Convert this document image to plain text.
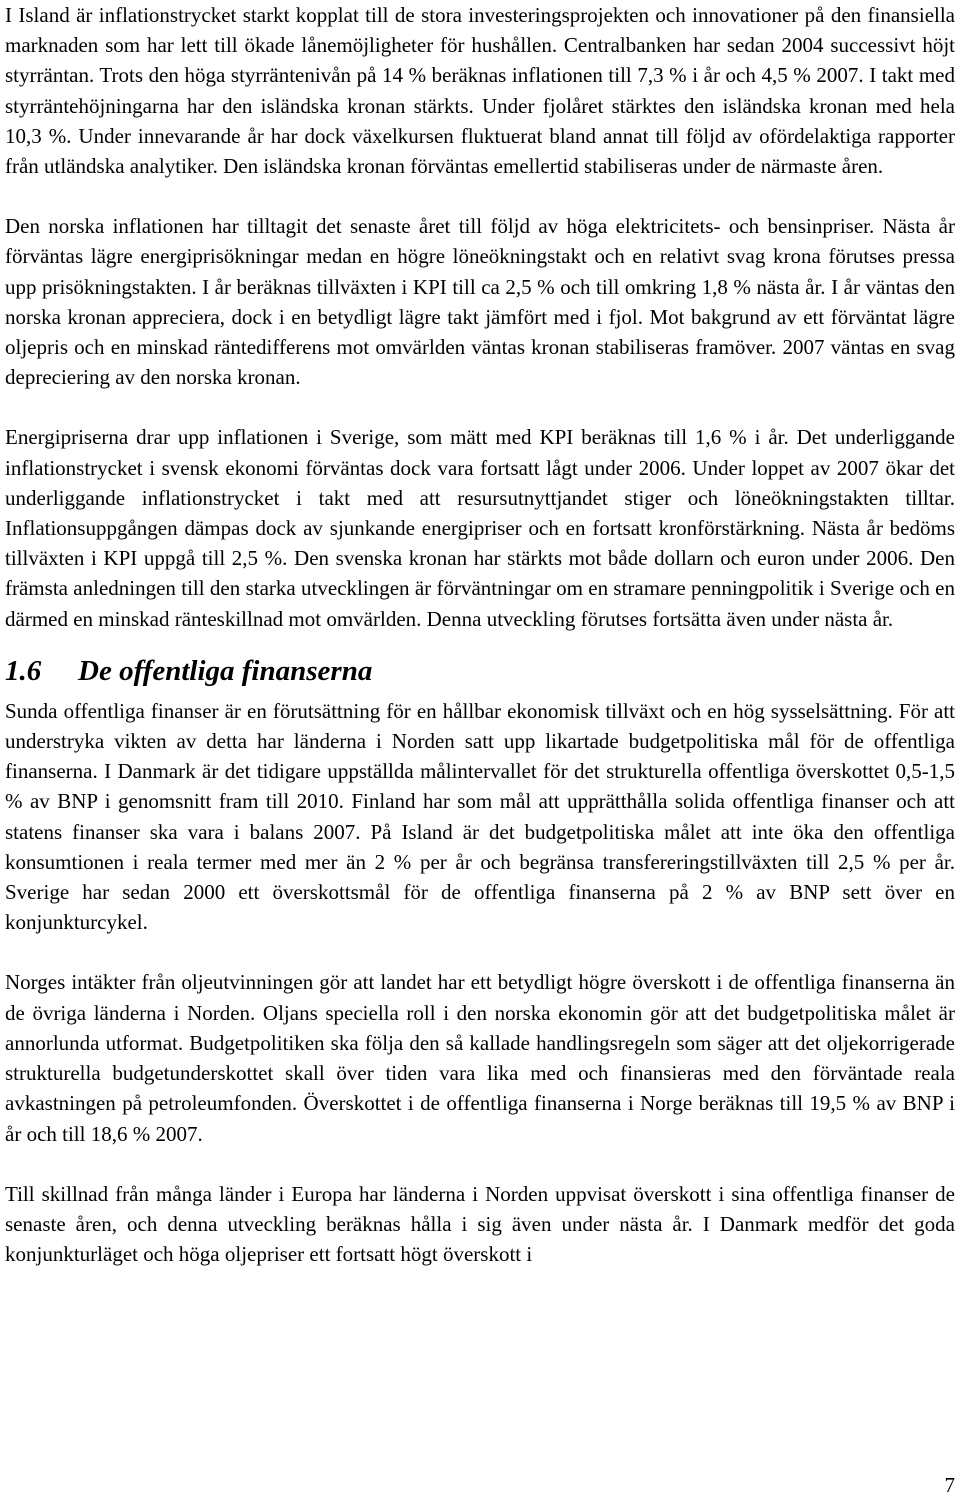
I Island är inflationstrycket starkt kopplat till de stora investeringsprojekten och innovationer på den finansiella marknaden som har lett till ökade lånemöjligheter för hushållen. Centralbanken har sedan 2004 successivt höjt styrräntan. Trots den höga styrräntenivån på 14 % beräknas inflationen till 7,3 % i år och 4,5 % 2007. I takt med styrräntehöjningarna har den isländska kronan stärkts. Under fjolåret stärktes den isländska kronan med hela 10,3 %. Under innevarande år har dock växelkursen fluktuerat bland annat till följd av ofördelaktiga rapporter från utländska analytiker. Den isländska kronan förväntas emellertid stabiliseras under de närmaste åren.

Den norska inflationen har tilltagit det senaste året till följd av höga elektricitets- och bensinpriser. Nästa år förväntas lägre energiprisökningar medan en högre löneökningstakt och en relativt svag krona förutses pressa upp prisökningstakten. I år beräknas tillväxten i KPI till ca 2,5 % och till omkring 1,8 % nästa år. I år väntas den norska kronan appreciera, dock i en betydligt lägre takt jämfört med i fjol. Mot bakgrund av ett förväntat lägre oljepris och en minskad räntedifferens mot omvärlden väntas kronan stabiliseras framöver. 2007 väntas en svag depreciering av den norska kronan.

Energipriserna drar upp inflationen i Sverige, som mätt med KPI beräknas till 1,6 % i år. Det underliggande inflationstrycket i svensk ekonomi förväntas dock vara fortsatt lågt under 2006. Under loppet av 2007 ökar det underliggande inflationstrycket i takt med att resursutnyttjandet stiger och löneökningstakten tilltar. Inflationsuppgången dämpas dock av sjunkande energipriser och en fortsatt kronförstärkning. Nästa år bedöms tillväxten i KPI uppgå till 2,5 %. Den svenska kronan har stärkts mot både dollarn och euron under 2006. Den främsta anledningen till den starka utvecklingen är förväntningar om en stramare penningpolitik i Sverige och en därmed en minskad ränteskillnad mot omvärlden. Denna utveckling förutses fortsätta även under nästa år.

1.6	De offentliga finanserna

Sunda offentliga finanser är en förutsättning för en hållbar ekonomisk tillväxt och en hög sysselsättning. För att understryka vikten av detta har länderna i Norden satt upp likartade budgetpolitiska mål för de offentliga finanserna. I Danmark är det tidigare uppställda målintervallet för det strukturella offentliga överskottet 0,5-1,5 % av BNP i genomsnitt fram till 2010. Finland har som mål att upprätthålla solida offentliga finanser och att statens finanser ska vara i balans 2007. På Island är det budgetpolitiska målet att inte öka den offentliga konsumtionen i reala termer med mer än 2 % per år och begränsa transfereringstillväxten till 2,5 % per år. Sverige har sedan 2000 ett överskottsmål för de offentliga finanserna på 2 % av BNP sett över en konjunkturcykel.

Norges intäkter från oljeutvinningen gör att landet har ett betydligt högre överskott i de offentliga finanserna än de övriga länderna i Norden. Oljans speciella roll i den norska ekonomin gör att det budgetpolitiska målet är annorlunda utformat. Budgetpolitiken ska följa den så kallade handlingsregeln som säger att det oljekorrigerade strukturella budgetunderskottet skall över tiden vara lika med och finansieras med den förväntade reala avkastningen på petroleumfonden. Överskottet i de offentliga finanserna i Norge beräknas till 19,5 % av BNP i år och till 18,6 % 2007.

Till skillnad från många länder i Europa har länderna i Norden uppvisat överskott i sina offentliga finanser de senaste åren, och denna utveckling beräknas hålla i sig även under nästa år. I Danmark medför det goda konjunkturläget och höga oljepriser ett fortsatt högt överskott i

7
